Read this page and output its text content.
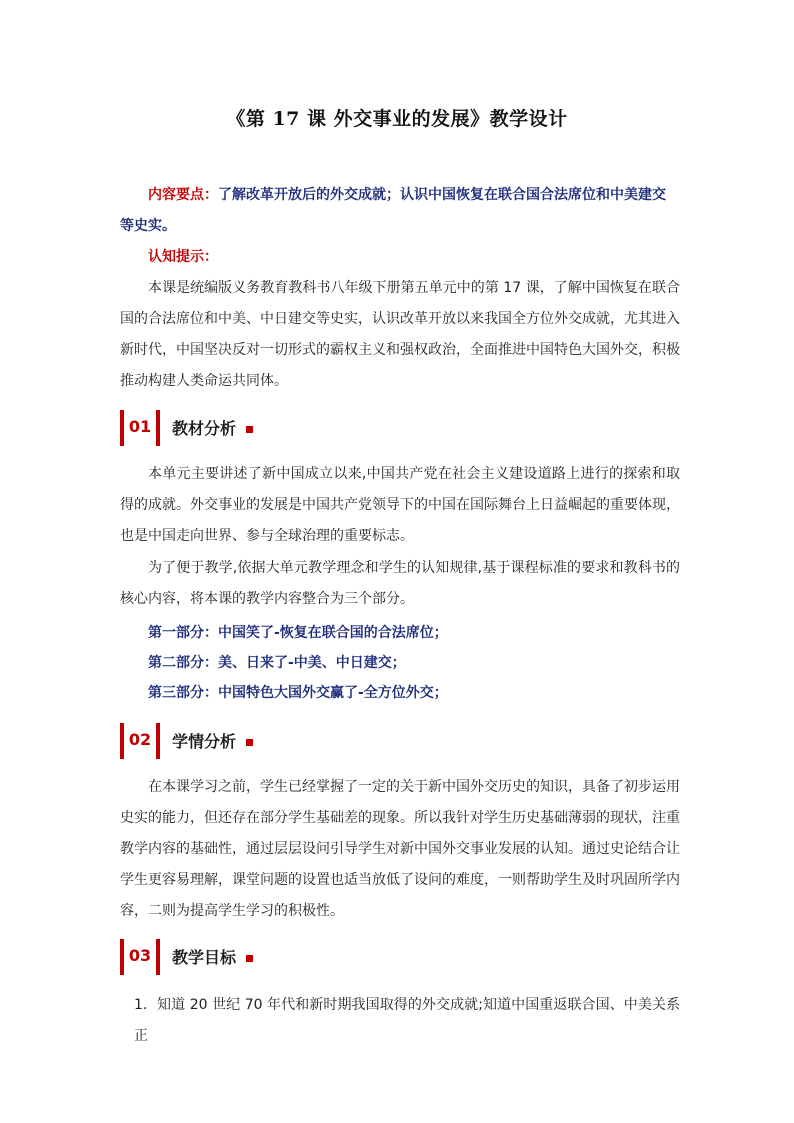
《第 17 课 外交事业的发展》教学设计
内容要点：了解改革开放后的外交成就；认识中国恢复在联合国合法席位和中美建交
等史实。
认知提示：
本课是统编版义务教育教科书八年级下册第五单元中的第 17 课，了解中国恢复在联合国的合法席位和中美、中日建交等史实，认识改革开放以来我国全方位外交成就，尤其进入新时代，中国坚决反对一切形式的霸权主义和强权政治，全面推进中国特色大国外交，积极推动构建人类命运共同体。
01	教材分析
本单元主要讲述了新中国成立以来,中国共产党在社会主义建设道路上进行的探索和取得的成就。外交事业的发展是中国共产党领导下的中国在国际舞台上日益崛起的重要体现，也是中国走向世界、参与全球治理的重要标志。
为了便于教学,依据大单元教学理念和学生的认知规律,基于课程标准的要求和教科书的核心内容，将本课的教学内容整合为三个部分。
第一部分：中国笑了-恢复在联合国的合法席位；
第二部分：美、日来了-中美、中日建交；
第三部分：中国特色大国外交赢了-全方位外交；
02	学情分析
在本课学习之前，学生已经掌握了一定的关于新中国外交历史的知识，具备了初步运用史实的能力，但还存在部分学生基础差的现象。所以我针对学生历史基础薄弱的现状，注重教学内容的基础性，通过层层设问引导学生对新中国外交事业发展的认知。通过史论结合让学生更容易理解，课堂问题的设置也适当放低了设问的难度，一则帮助学生及时巩固所学内容，二则为提高学生学习的积极性。
03	教学目标
1．知道 20 世纪 70 年代和新时期我国取得的外交成就;知道中国重返联合国、中美关系正
